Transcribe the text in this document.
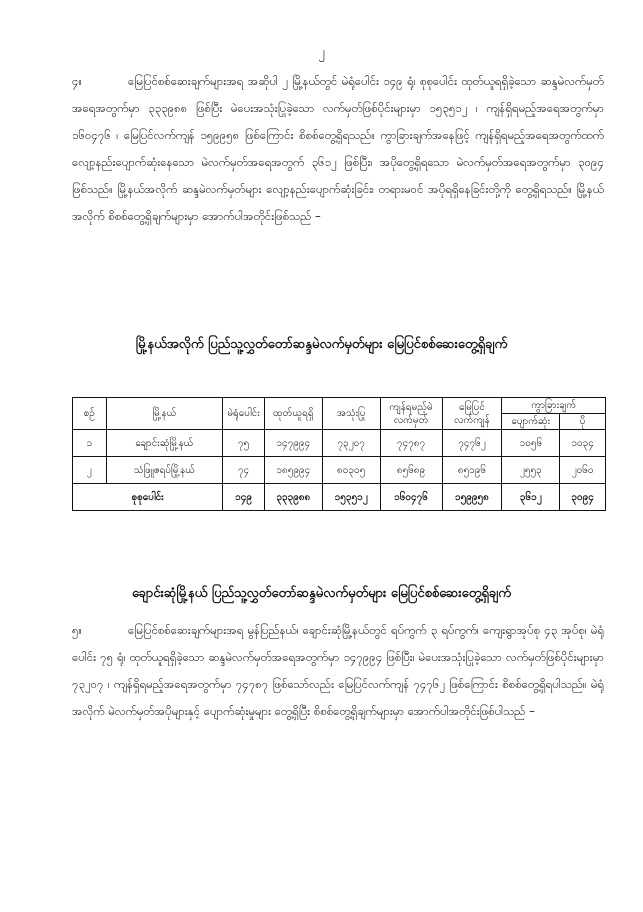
၂

၄။	မြေပြင်စစ်ဆေးချက်များအရ အဆိုပါ ၂ မြို့နယ်တွင် မဲရုံပေါင်း ၁၄၉ ရုံ၊ စုစုပေါင်း ထုတ်ယူရရှိခဲ့သော ဆန္ဒမဲလက်မှတ်အရေအတွက်မှာ ၃၃၃၉၈၈ ဖြစ်ပြီး မဲပေးအသုံးပြုခဲ့သော လက်မှတ်ဖြစ်ပိုင်းများမှာ ၁၅၃၅၁၂ ၊ ကျန်ရှိရမည့်အရေအတွက်မှာ ၁၆၀၄၇၆ ၊ မြေပြင်လက်ကျန် ၁၅၉၉၅၈ ဖြစ်ကြောင်း စိစစ်တွေ့ရှိရသည်။ ကွာခြားချက်အနေဖြင့် ကျန်ရှိရမည့်အရေအတွက်ထက် လျော့နည်းပျောက်ဆုံးနေသော မဲလက်မှတ်အရေအတွက် ၃၆၁၂ ဖြစ်ပြီး၊ အပိုတွေ့ရှိရသော မဲလက်မှတ်အရေအတွက်မှာ ၃၀၉၄ ဖြစ်သည်။ မြို့နယ်အလိုက် ဆန္ဒမဲလက်မှတ်များ လျော့နည်းပျောက်ဆုံးခြင်း၊ တရားမဝင် အပိုရရှိနေခြင်းတို့ကို တွေ့ရှိရသည်။ မြို့နယ်အလိုက် စိစစ်တွေ့ရှိချက်များမှာ အောက်ပါအတိုင်းဖြစ်သည် –

မြို့နယ်အလိုက် ပြည်သူ့လွှတ်တော်ဆန္ဒမဲလက်မှတ်များ မြေပြင်စစ်ဆေးတွေ့ရှိချက်
စဉ်	မြို့နယ်	မဲရုံပေါင်း	ထုတ်ယူရရှိ	အသုံးပြု	ကျန်ရမည့်မဲလက်မှတ်	မြေပြင်လက်ကျန်	ကွာခြားချက်	
							ပျောက်ဆုံး	ပို
၁	ချောင်းဆုံမြို့နယ်	၇၅	၁၄၇၉၉၄	၇၃၂၀၇	၇၄၇၈၇	၇၄၇၆၂	၁၀၅၆	၁၀၃၄
၂	သံဖြူဇရပ်မြို့နယ်	၇၄	၁၈၅၉၉၄	၈၀၃၀၅	၈၅၆၈၉	၈၅၁၉၆	၂၅၅၃	၂၀၆၀
စုစုပေါင်း		၁၄၉	၃၃၃၉၈၈	၁၅၃၅၁၂	၁၆၀၄၇၆	၁၅၉၉၅၈	၃၆၁၂	၃၀၉၄
ချောင်းဆုံမြို့နယ် ပြည်သူ့လွှတ်တော်ဆန္ဒမဲလက်မှတ်များ မြေပြင်စစ်ဆေးတွေ့ရှိချက်

၅။	မြေပြင်စစ်ဆေးချက်များအရ မွန်ပြည်နယ်၊ ချောင်းဆုံမြို့နယ်တွင် ရပ်ကွက် ၃ ရပ်ကွက်၊ ကျေးရွာအုပ်စု ၄၃ အုပ်စု၊ မဲရုံပေါင်း ၇၅ ရုံ၊ ထုတ်ယူရရှိခဲ့သော ဆန္ဒမဲလက်မှတ်အရေအတွက်မှာ ၁၄၇၉၉၄ ဖြစ်ပြီး၊ မဲပေးအသုံးပြုခဲ့သော လက်မှတ်ဖြစ်ပိုင်းများမှာ ၇၃၂၀၇ ၊ ကျန်ရှိရမည့်အရေအတွက်မှာ ၇၄၇၈၇ ဖြစ်သော်လည်း မြေပြင်လက်ကျန် ၇၄၇၆၂ ဖြစ်ကြောင်း စိစစ်တွေ့ရှိရပါသည်။ မဲရုံအလိုက် မဲလက်မှတ်အပိုများနှင့် ပျောက်ဆုံးမှုများ တွေ့ရှိပြီး စိစစ်တွေ့ရှိချက်များမှာ အောက်ပါအတိုင်းဖြစ်ပါသည် –
